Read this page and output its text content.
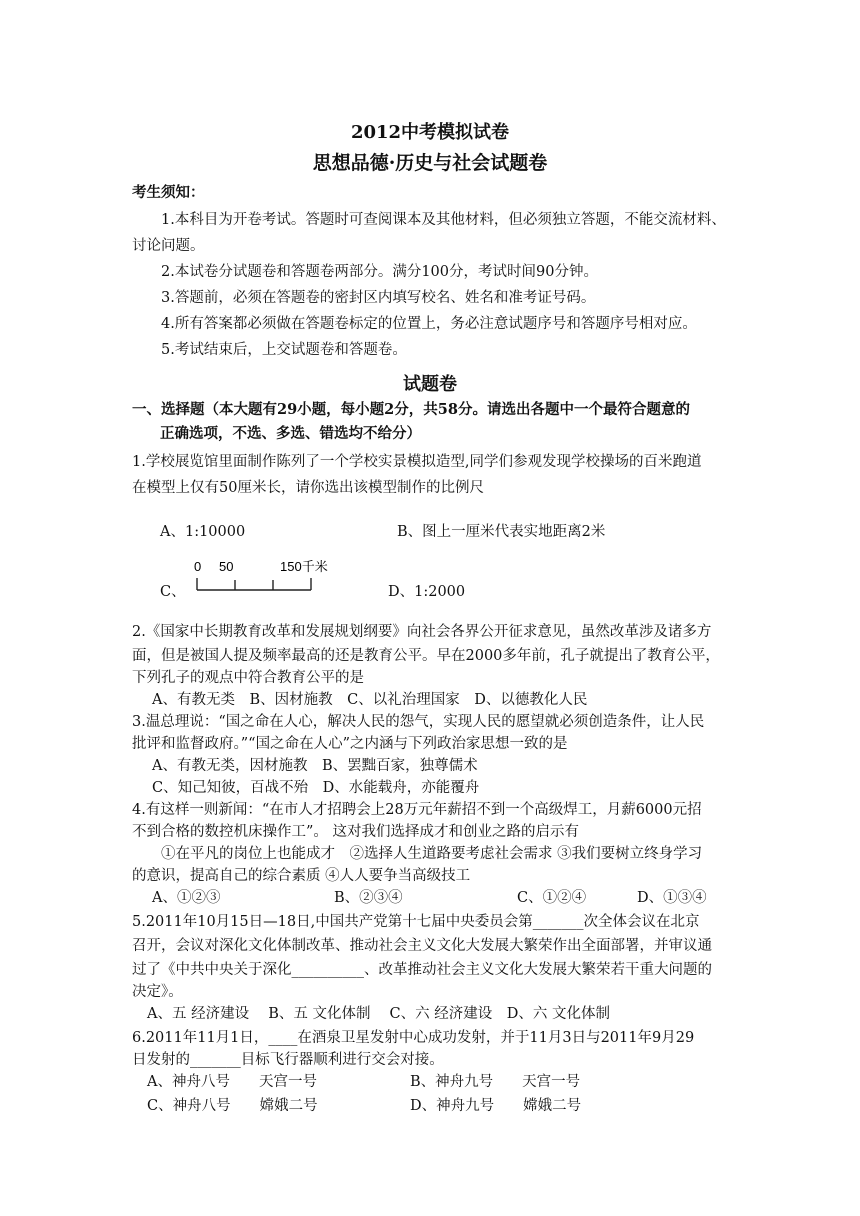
2012中考模拟试卷
思想品德·历史与社会试题卷
考生须知：
1.本科目为开卷考试。答题时可查阅课本及其他材料，但必须独立答题，不能交流材料、
讨论问题。
2.本试卷分试题卷和答题卷两部分。满分100分，考试时间90分钟。
3.答题前，必须在答题卷的密封区内填写校名、姓名和准考证号码。
4.所有答案都必须做在答题卷标定的位置上，务必注意试题序号和答题序号相对应。
5.考试结束后，上交试题卷和答题卷。
试题卷
一、选择题（本大题有29小题，每小题2分，共58分。请选出各题中一个最符合题意的
正确选项，不选、多选、错选均不给分）
1.学校展览馆里面制作陈列了一个学校实景模拟造型,同学们参观发现学校操场的百米跑道
在模型上仅有50厘米长，请你选出该模型制作的比例尺
A、1:10000	B、图上一厘米代表实地距离2米
C、
0 50	150千米
D、1:2000
2.《国家中长期教育改革和发展规划纲要》向社会各界公开征求意见，虽然改革涉及诸多方
面，但是被国人提及频率最高的还是教育公平。早在2000多年前，孔子就提出了教育公平，
下列孔子的观点中符合教育公平的是
A、有教无类　B、因材施教　C、以礼治理国家　D、以德教化人民
3.温总理说：“国之命在人心，解决人民的怨气，实现人民的愿望就必须创造条件，让人民
批评和监督政府。”“国之命在人心”之内涵与下列政治家思想一致的是
A、有教无类，因材施教　B、罢黜百家，独尊儒术
C、知己知彼，百战不殆　D、水能载舟，亦能覆舟
4.有这样一则新闻：“在市人才招聘会上28万元年薪招不到一个高级焊工，月薪6000元招
不到合格的数控机床操作工”。 这对我们选择成才和创业之路的启示有
①在平凡的岗位上也能成才　②选择人生道路要考虑社会需求 ③我们要树立终身学习
的意识，提高自己的综合素质 ④人人要争当高级技工
A、①②③	B、②③④	C、①②④	D、①③④
5.2011年10月15日—18日,中国共产党第十七届中央委员会第_______次全体会议在北京
召开，会议对深化文化体制改革、推动社会主义文化大发展大繁荣作出全面部署，并审议通
过了《中共中央关于深化__________、改革推动社会主义文化大发展大繁荣若干重大问题的
决定》。
A、五 经济建设　 B、五 文化体制　 C、六 经济建设　D、六 文化体制
6.2011年11月1日，____在酒泉卫星发射中心成功发射，并于11月3日与2011年9月29
日发射的_______目标飞行器顺利进行交会对接。
A、神舟八号　　天宫一号	B、神舟九号　　天宫一号
C、神舟八号　　嫦娥二号	D、神舟九号　　嫦娥二号
